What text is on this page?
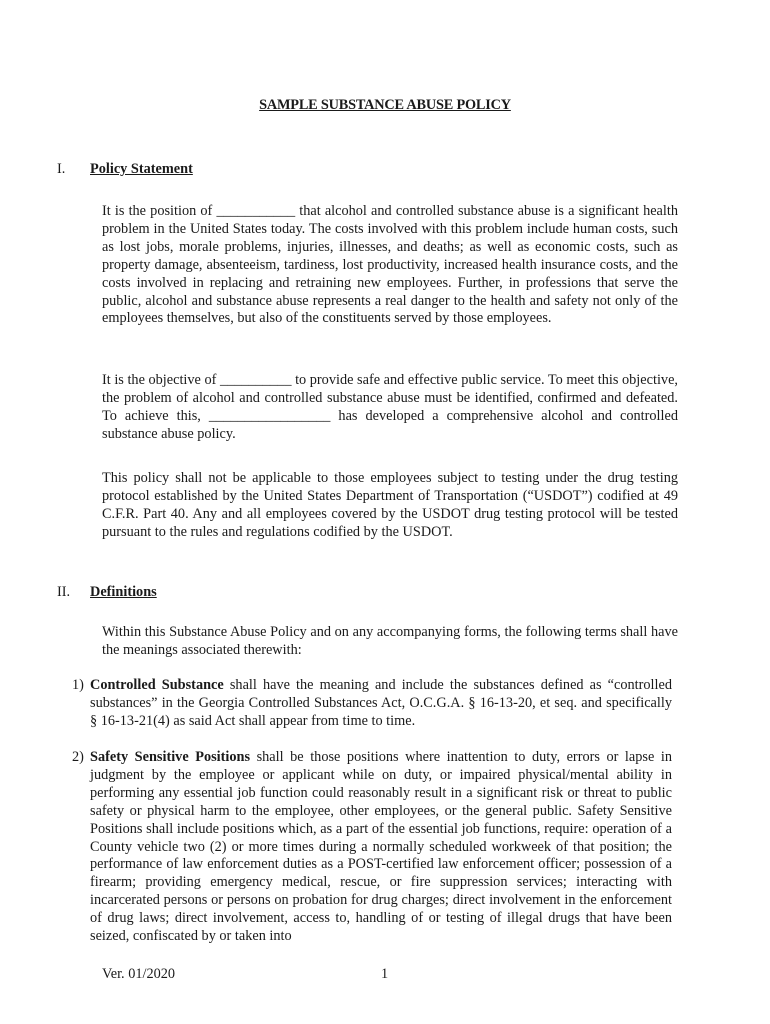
SAMPLE SUBSTANCE ABUSE POLICY
I. Policy Statement

It is the position of ___________ that alcohol and controlled substance abuse is a significant health problem in the United States today. The costs involved with this problem include human costs, such as lost jobs, morale problems, injuries, illnesses, and deaths; as well as economic costs, such as property damage, absenteeism, tardiness, lost productivity, increased health insurance costs, and the costs involved in replacing and retraining new employees. Further, in professions that serve the public, alcohol and substance abuse represents a real danger to the health and safety not only of the employees themselves, but also of the constituents served by those employees.

It is the objective of __________ to provide safe and effective public service. To meet this objective, the problem of alcohol and controlled substance abuse must be identified, confirmed and defeated. To achieve this, _________________ has developed a comprehensive alcohol and controlled substance abuse policy.

This policy shall not be applicable to those employees subject to testing under the drug testing protocol established by the United States Department of Transportation (“USDOT”) codified at 49 C.F.R. Part 40. Any and all employees covered by the USDOT drug testing protocol will be tested pursuant to the rules and regulations codified by the USDOT.

II. Definitions

Within this Substance Abuse Policy and on any accompanying forms, the following terms shall have the meanings associated therewith:

1) Controlled Substance shall have the meaning and include the substances defined as “controlled substances” in the Georgia Controlled Substances Act, O.C.G.A. § 16-13-20, et seq. and specifically § 16-13-21(4) as said Act shall appear from time to time.

2) Safety Sensitive Positions shall be those positions where inattention to duty, errors or lapse in judgment by the employee or applicant while on duty, or impaired physical/mental ability in performing any essential job function could reasonably result in a significant risk or threat to public safety or physical harm to the employee, other employees, or the general public. Safety Sensitive Positions shall include positions which, as a part of the essential job functions, require: operation of a County vehicle two (2) or more times during a normally scheduled workweek of that position; the performance of law enforcement duties as a POST-certified law enforcement officer; possession of a firearm; providing emergency medical, rescue, or fire suppression services; interacting with incarcerated persons or persons on probation for drug charges; direct involvement in the enforcement of drug laws; direct involvement, access to, handling of or testing of illegal drugs that have been seized, confiscated by or taken into

Ver. 01/2020	1
